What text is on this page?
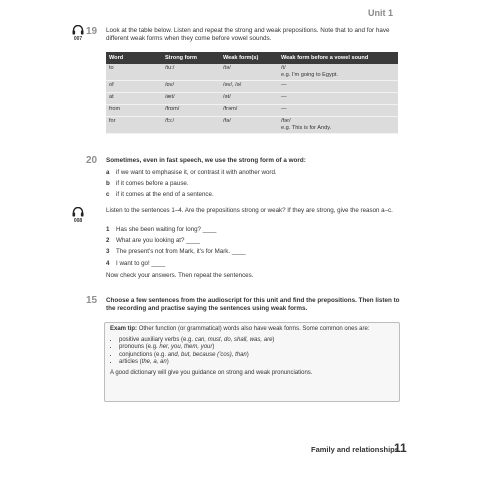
Unit 1
007
19 Look at the table below. Listen and repeat the strong and weak prepositions. Note that to and for have different weak forms when they come before vowel sounds.
Word	Strong form	Weak form(s)	Weak form before a vowel sound
to	/tu:/	/tə/	/t/
e.g. I'm going to Egypt.

of	/ɒv/	/əv/, /ə/	—
at	/æt/	/ət/	—
from	/frɒm/	/frəm/	—
for	/fɔ:/	/fə/	/fər/
e.g. This is for Andy.
20 Sometimes, even in fast speech, we use the strong form of a word:
a	if we want to emphasise it, or contrast it with another word.
b	if it comes before a pause.
c	if it comes at the end of a sentence.
008
Listen to the sentences 1–4. Are the prepositions strong or weak? If they are strong, give the reason a–c.
1	Has she been waiting for long? ____
2	What are you looking at? ____
3	The present's not from Mark, it's for Mark. ____
4	I want to go! ____
Now check your answers. Then repeat the sentences.
15 Choose a few sentences from the audioscript for this unit and find the prepositions. Then listen to the recording and practise saying the sentences using weak forms.
Exam tip: Other function (or grammatical) words also have weak forms. Some common ones are:
• positive auxiliary verbs (e.g. can, must, do, shall, was, are)
• pronouns (e.g. her, you, them, your)
• conjunctions (e.g. and, but, because (’cos), than)
• articles (the, a, an)
A good dictionary will give you guidance on strong and weak pronunciations.
Family and relationships
11
